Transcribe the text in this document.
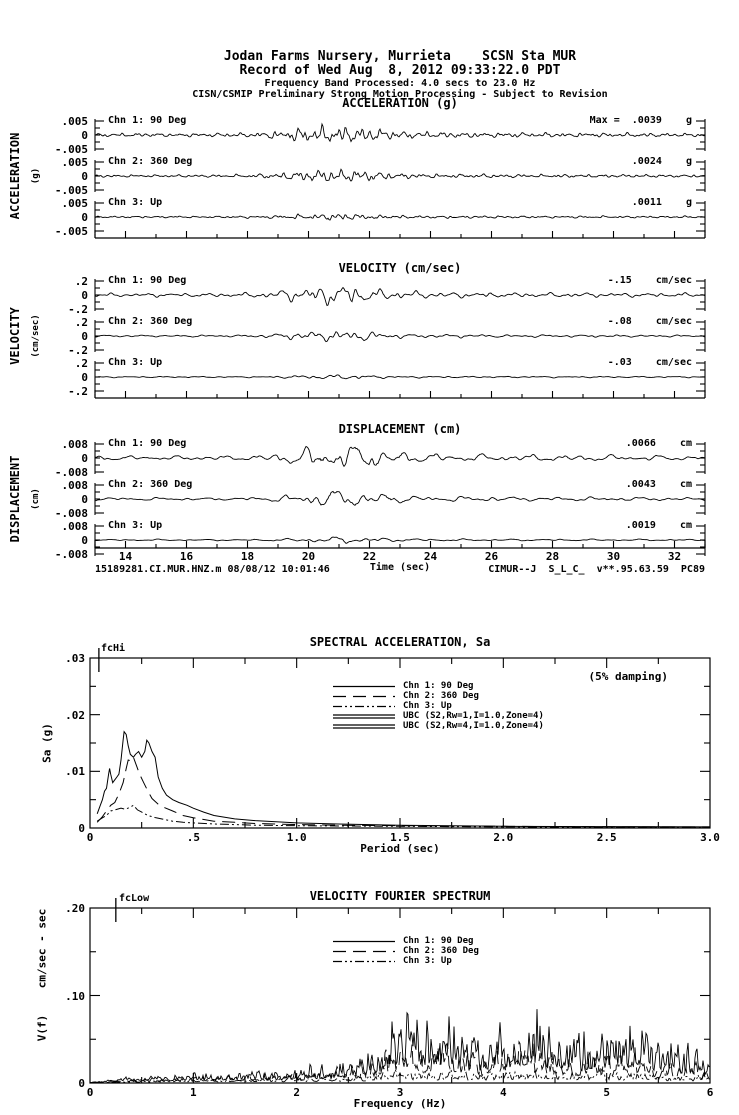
Jodan Farms Nursery, Murrieta    SCSN Sta MUR
Record of Wed Aug  8, 2012 09:33:22.0 PDT
Frequency Band Processed: 4.0 secs to 23.0 Hz
CISN/CSMIP Preliminary Strong Motion Processing - Subject to Revision
ACCELERATION (g)
VELOCITY (cm/sec)
DISPLACEMENT (cm)
ACCELERATION (g)
VELOCITY (cm/sec)
DISPLACEMENT (cm)
Time (sec)
15189281.CI.MUR.HNZ.m 08/08/12 10:01:46	CIMUR--J  S_L_C_  v**.95.63.59  PC89
SPECTRAL ACCELERATION, Sa
fcHi
(5% damping)
Sa (g)
Period (sec)
Chn 1: 90 Deg
Chn 2: 360 Deg
Chn 3: Up
UBC (S2,Rw=1,I=1.0,Zone=4)
UBC (S2,Rw=4,I=1.0,Zone=4)
VELOCITY FOURIER SPECTRUM
fcLow
V(f)    cm/sec - sec
Frequency (Hz)
Chn 1: 90 Deg
Chn 2: 360 Deg
Chn 3: Up
.005
0
-.005
Chn 1: 90 Deg	Max =  .0039    g
.005
0
-.005
Chn 2: 360 Deg	.0024    g
.005
0
-.005
Chn 3: Up	.0011    g
.2
0
-.2
Chn 1: 90 Deg	-.15    cm/sec
.2
0
-.2
Chn 2: 360 Deg	-.08    cm/sec
.2
0
-.2
Chn 3: Up	-.03    cm/sec
.008
0
-.008
Chn 1: 90 Deg	.0066    cm
.008
0
-.008
Chn 2: 360 Deg	.0043    cm
.008
0
-.008
Chn 3: Up	.0019    cm
14	16	18	20	22	24	26	28	30	32
0	.5	1.0	1.5	2.0	2.5	3.0
.03
.02
.01
0
0	1	2	3	4	5	6
.20
.10
0
